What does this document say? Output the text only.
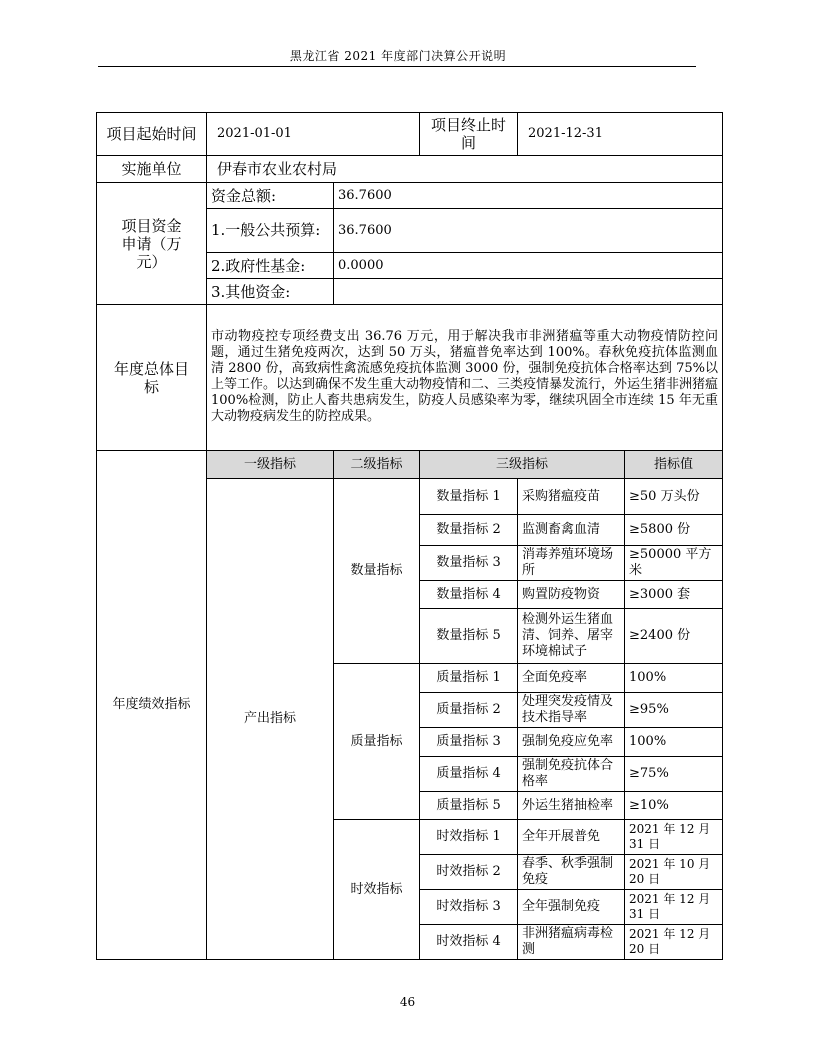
黑龙江省 2021 年度部门决算公开说明
项目起始时间	2021-01-01		项目终止时间	2021-12-31	
实施单位	伊春市农业农村局				
项目资金申请（万元）	资金总额:	36.7600			
	1.一般公共预算:	36.7600			
	2.政府性基金:	0.0000			
	3.其他资金:				
年度总体目标	市动物疫控专项经费支出 36.76 万元，用于解决我市非洲猪瘟等重大动物疫情防控问题，通过生猪免疫两次，达到 50 万头，猪瘟普免率达到 100%。春秋免疫抗体监测血清 2800 份，高致病性禽流感免疫抗体监测 3000 份，强制免疫抗体合格率达到 75%以上等工作。以达到确保不发生重大动物疫情和二、三类疫情暴发流行，外运生猪非洲猪瘟 100%检测，防止人畜共患病发生，防疫人员感染率为零，继续巩固全市连续 15 年无重大动物疫病发生的防控成果。				
年度绩效指标	一级指标	二级指标	三级指标		指标值
	产出指标	数量指标	数量指标 1	采购猪瘟疫苗	≥50 万头份
			数量指标 2	监测畜禽血清	≥5800 份
			数量指标 3	消毒养殖环境场所	≥50000 平方米
			数量指标 4	购置防疫物资	≥3000 套
			数量指标 5	检测外运生猪血清、饲养、屠宰环境棉试子	≥2400 份
		质量指标	质量指标 1	全面免疫率	100%
			质量指标 2	处理突发疫情及技术指导率	≥95%
			质量指标 3	强制免疫应免率	100%
			质量指标 4	强制免疫抗体合格率	≥75%
			质量指标 5	外运生猪抽检率	≥10%
		时效指标	时效指标 1	全年开展普免	2021 年 12 月 31 日
			时效指标 2	春季、秋季强制免疫	2021 年 10 月 20 日
			时效指标 3	全年强制免疫	2021 年 12 月 31 日
			时效指标 4	非洲猪瘟病毒检测	2021 年 12 月 20 日
46
